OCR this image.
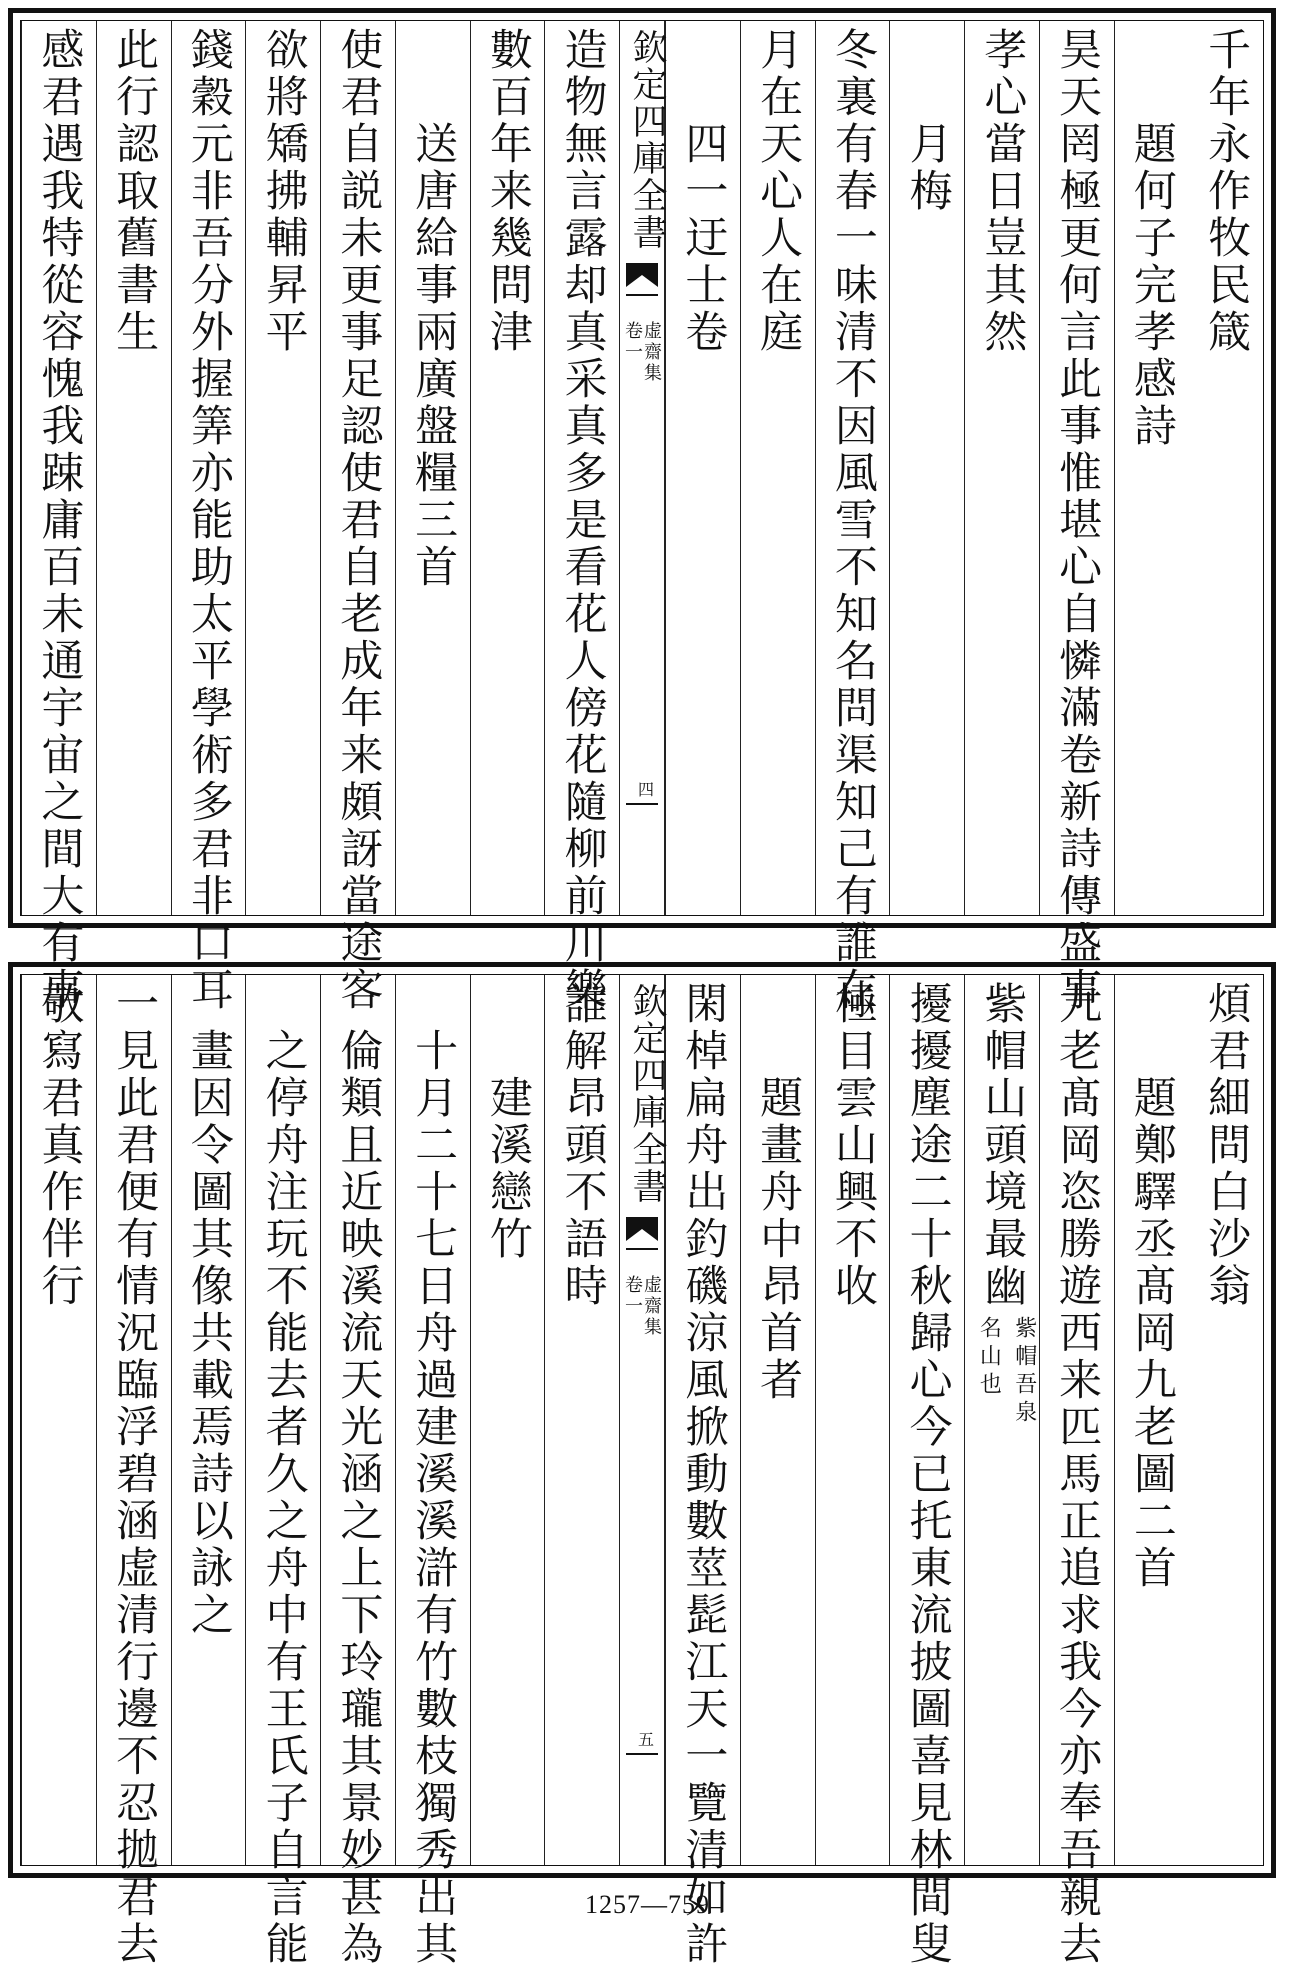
千年永作牧民箴
題何子完孝感詩
昊天罔極更何言此事惟堪心自憐滿卷新詩傳盛事
孝心當日豈其然
月梅
冬裏有春一味清不因風雪不知名問渠知己有誰在
月在天心人在庭
四一迂士卷
欽定四庫全書
虚齋集
卷一
四
造物無言露却真采真多是看花人傍花隨柳前川樂
數百年来幾問津
送唐給事兩廣盤糧三首
使君自説未更事足認使君自老成年来頗訝當途客
欲將矯拂輔昇平
錢穀元非吾分外握筭亦能助太平學術多君非口耳
此行認取舊書生
感君遇我特從容愧我踈庸百未通宇宙之間大有事
煩君細問白沙翁
題鄭驛丞髙岡九老圖二首
九老髙岡恣勝遊西来匹馬正追求我今亦奉吾親去
紫帽山頭境最幽
紫帽吾泉
名山也
擾擾塵途二十秋歸心今已托東流披圖喜見林間叟
極目雲山興不收
題畫舟中昂首者
閑棹扁舟出釣磯涼風掀動數莖髭江天一覽清如許
欽定四庫全書
虚齋集
卷一
五
誰解昂頭不語時
建溪戀竹
十月二十七日舟過建溪溪滸有竹數枝獨秀出其
倫類且近映溪流天光涵之上下玲瓏其景妙甚為
之停舟注玩不能去者久之舟中有王氏子自言能
畫因令圖其像共載焉詩以詠之
一見此君便有情況臨浮碧涵虚清行邊不忍拋君去
敬寫君真作伴行
1257—759
